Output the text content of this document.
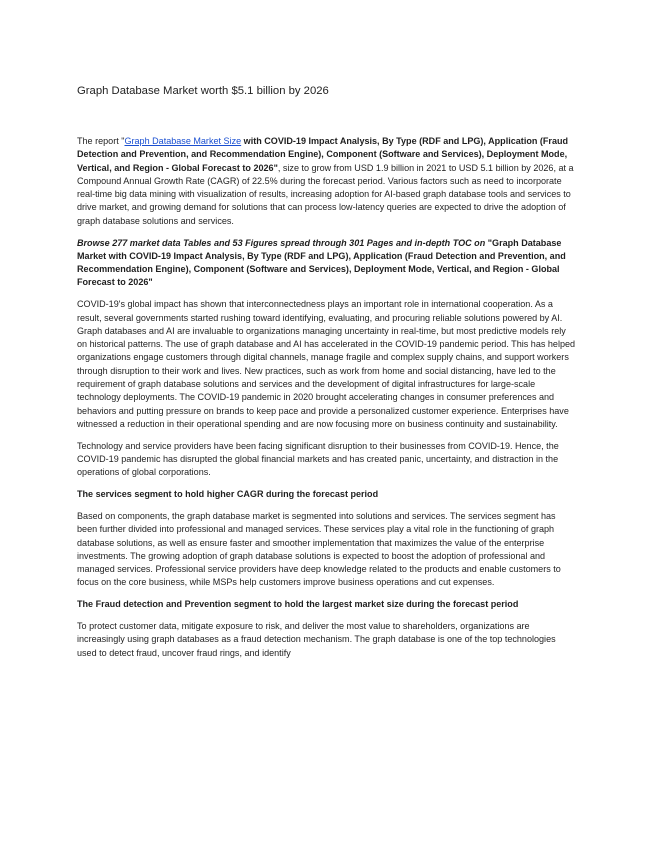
Graph Database Market worth $5.1 billion by 2026

The report "Graph Database Market Size with COVID-19 Impact Analysis, By Type (RDF and LPG), Application (Fraud Detection and Prevention, and Recommendation Engine), Component (Software and Services), Deployment Mode, Vertical, and Region - Global Forecast to 2026", size to grow from USD 1.9 billion in 2021 to USD 5.1 billion by 2026, at a Compound Annual Growth Rate (CAGR) of 22.5% during the forecast period. Various factors such as need to incorporate real-time big data mining with visualization of results, increasing adoption for AI-based graph database tools and services to drive market, and growing demand for solutions that can process low-latency queries are expected to drive the adoption of graph database solutions and services.

Browse 277 market data Tables and 53 Figures spread through 301 Pages and in-depth TOC on "Graph Database Market with COVID-19 Impact Analysis, By Type (RDF and LPG), Application (Fraud Detection and Prevention, and Recommendation Engine), Component (Software and Services), Deployment Mode, Vertical, and Region - Global Forecast to 2026"

COVID-19's global impact has shown that interconnectedness plays an important role in international cooperation. As a result, several governments started rushing toward identifying, evaluating, and procuring reliable solutions powered by AI. Graph databases and AI are invaluable to organizations managing uncertainty in real-time, but most predictive models rely on historical patterns. The use of graph database and AI has accelerated in the COVID-19 pandemic period. This has helped organizations engage customers through digital channels, manage fragile and complex supply chains, and support workers through disruption to their work and lives. New practices, such as work from home and social distancing, have led to the requirement of graph database solutions and services and the development of digital infrastructures for large-scale technology deployments. The COVID-19 pandemic in 2020 brought accelerating changes in consumer preferences and behaviors and putting pressure on brands to keep pace and provide a personalized customer experience. Enterprises have witnessed a reduction in their operational spending and are now focusing more on business continuity and sustainability.

Technology and service providers have been facing significant disruption to their businesses from COVID-19. Hence, the COVID-19 pandemic has disrupted the global financial markets and has created panic, uncertainty, and distraction in the operations of global corporations.

The services segment to hold higher CAGR during the forecast period

Based on components, the graph database market is segmented into solutions and services. The services segment has been further divided into professional and managed services. These services play a vital role in the functioning of graph database solutions, as well as ensure faster and smoother implementation that maximizes the value of the enterprise investments. The growing adoption of graph database solutions is expected to boost the adoption of professional and managed services. Professional service providers have deep knowledge related to the products and enable customers to focus on the core business, while MSPs help customers improve business operations and cut expenses.

The Fraud detection and Prevention segment to hold the largest market size during the forecast period

To protect customer data, mitigate exposure to risk, and deliver the most value to shareholders, organizations are increasingly using graph databases as a fraud detection mechanism. The graph database is one of the top technologies used to detect fraud, uncover fraud rings, and identify
